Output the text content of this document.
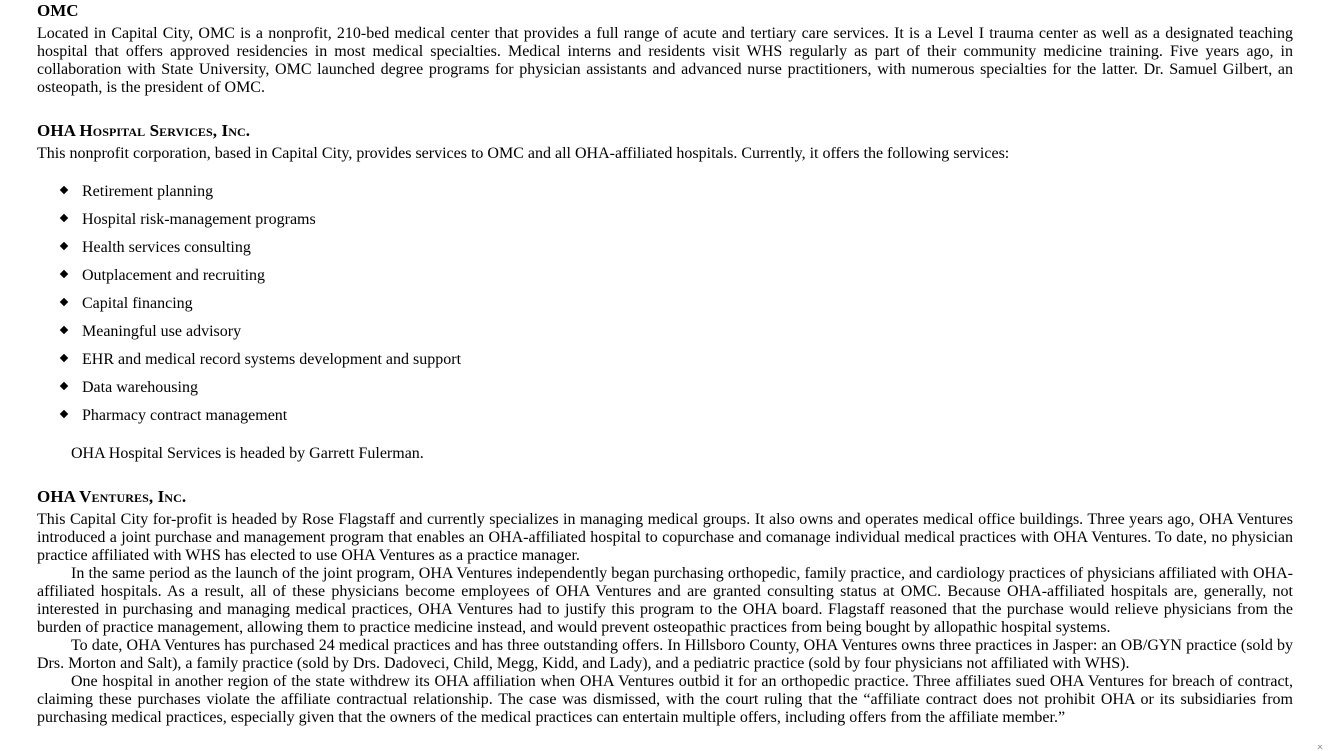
OMC

Located in Capital City, OMC is a nonprofit, 210-bed medical center that provides a full range of acute and tertiary care services. It is a Level I trauma center as well as a designated teaching hospital that offers approved residencies in most medical specialties. Medical interns and residents visit WHS regularly as part of their community medicine training. Five years ago, in collaboration with State University, OMC launched degree programs for physician assistants and advanced nurse practitioners, with numerous specialties for the latter. Dr. Samuel Gilbert, an osteopath, is the president of OMC.

OHA Hospital Services, Inc.

This nonprofit corporation, based in Capital City, provides services to OMC and all OHA-affiliated hospitals. Currently, it offers the following services:

Retirement planning
Hospital risk-management programs
Health services consulting
Outplacement and recruiting
Capital financing
Meaningful use advisory
EHR and medical record systems development and support
Data warehousing
Pharmacy contract management

OHA Hospital Services is headed by Garrett Fulerman.

OHA Ventures, Inc.

This Capital City for-profit is headed by Rose Flagstaff and currently specializes in managing medical groups. It also owns and operates medical office buildings. Three years ago, OHA Ventures introduced a joint purchase and management program that enables an OHA-affiliated hospital to copurchase and comanage individual medical practices with OHA Ventures. To date, no physician practice affiliated with WHS has elected to use OHA Ventures as a practice manager.

In the same period as the launch of the joint program, OHA Ventures independently began purchasing orthopedic, family practice, and cardiology practices of physicians affiliated with OHA-affiliated hospitals. As a result, all of these physicians become employees of OHA Ventures and are granted consulting status at OMC. Because OHA-affiliated hospitals are, generally, not interested in purchasing and managing medical practices, OHA Ventures had to justify this program to the OHA board. Flagstaff reasoned that the purchase would relieve physicians from the burden of practice management, allowing them to practice medicine instead, and would prevent osteopathic practices from being bought by allopathic hospital systems.

To date, OHA Ventures has purchased 24 medical practices and has three outstanding offers. In Hillsboro County, OHA Ventures owns three practices in Jasper: an OB/GYN practice (sold by Drs. Morton and Salt), a family practice (sold by Drs. Dadoveci, Child, Megg, Kidd, and Lady), and a pediatric practice (sold by four physicians not affiliated with WHS).

One hospital in another region of the state withdrew its OHA affiliation when OHA Ventures outbid it for an orthopedic practice. Three affiliates sued OHA Ventures for breach of contract, claiming these purchases violate the affiliate contractual relationship. The case was dismissed, with the court ruling that the “affiliate contract does not prohibit OHA or its subsidiaries from purchasing medical practices, especially given that the owners of the medical practices can entertain multiple offers, including offers from the affiliate member.”

✕
